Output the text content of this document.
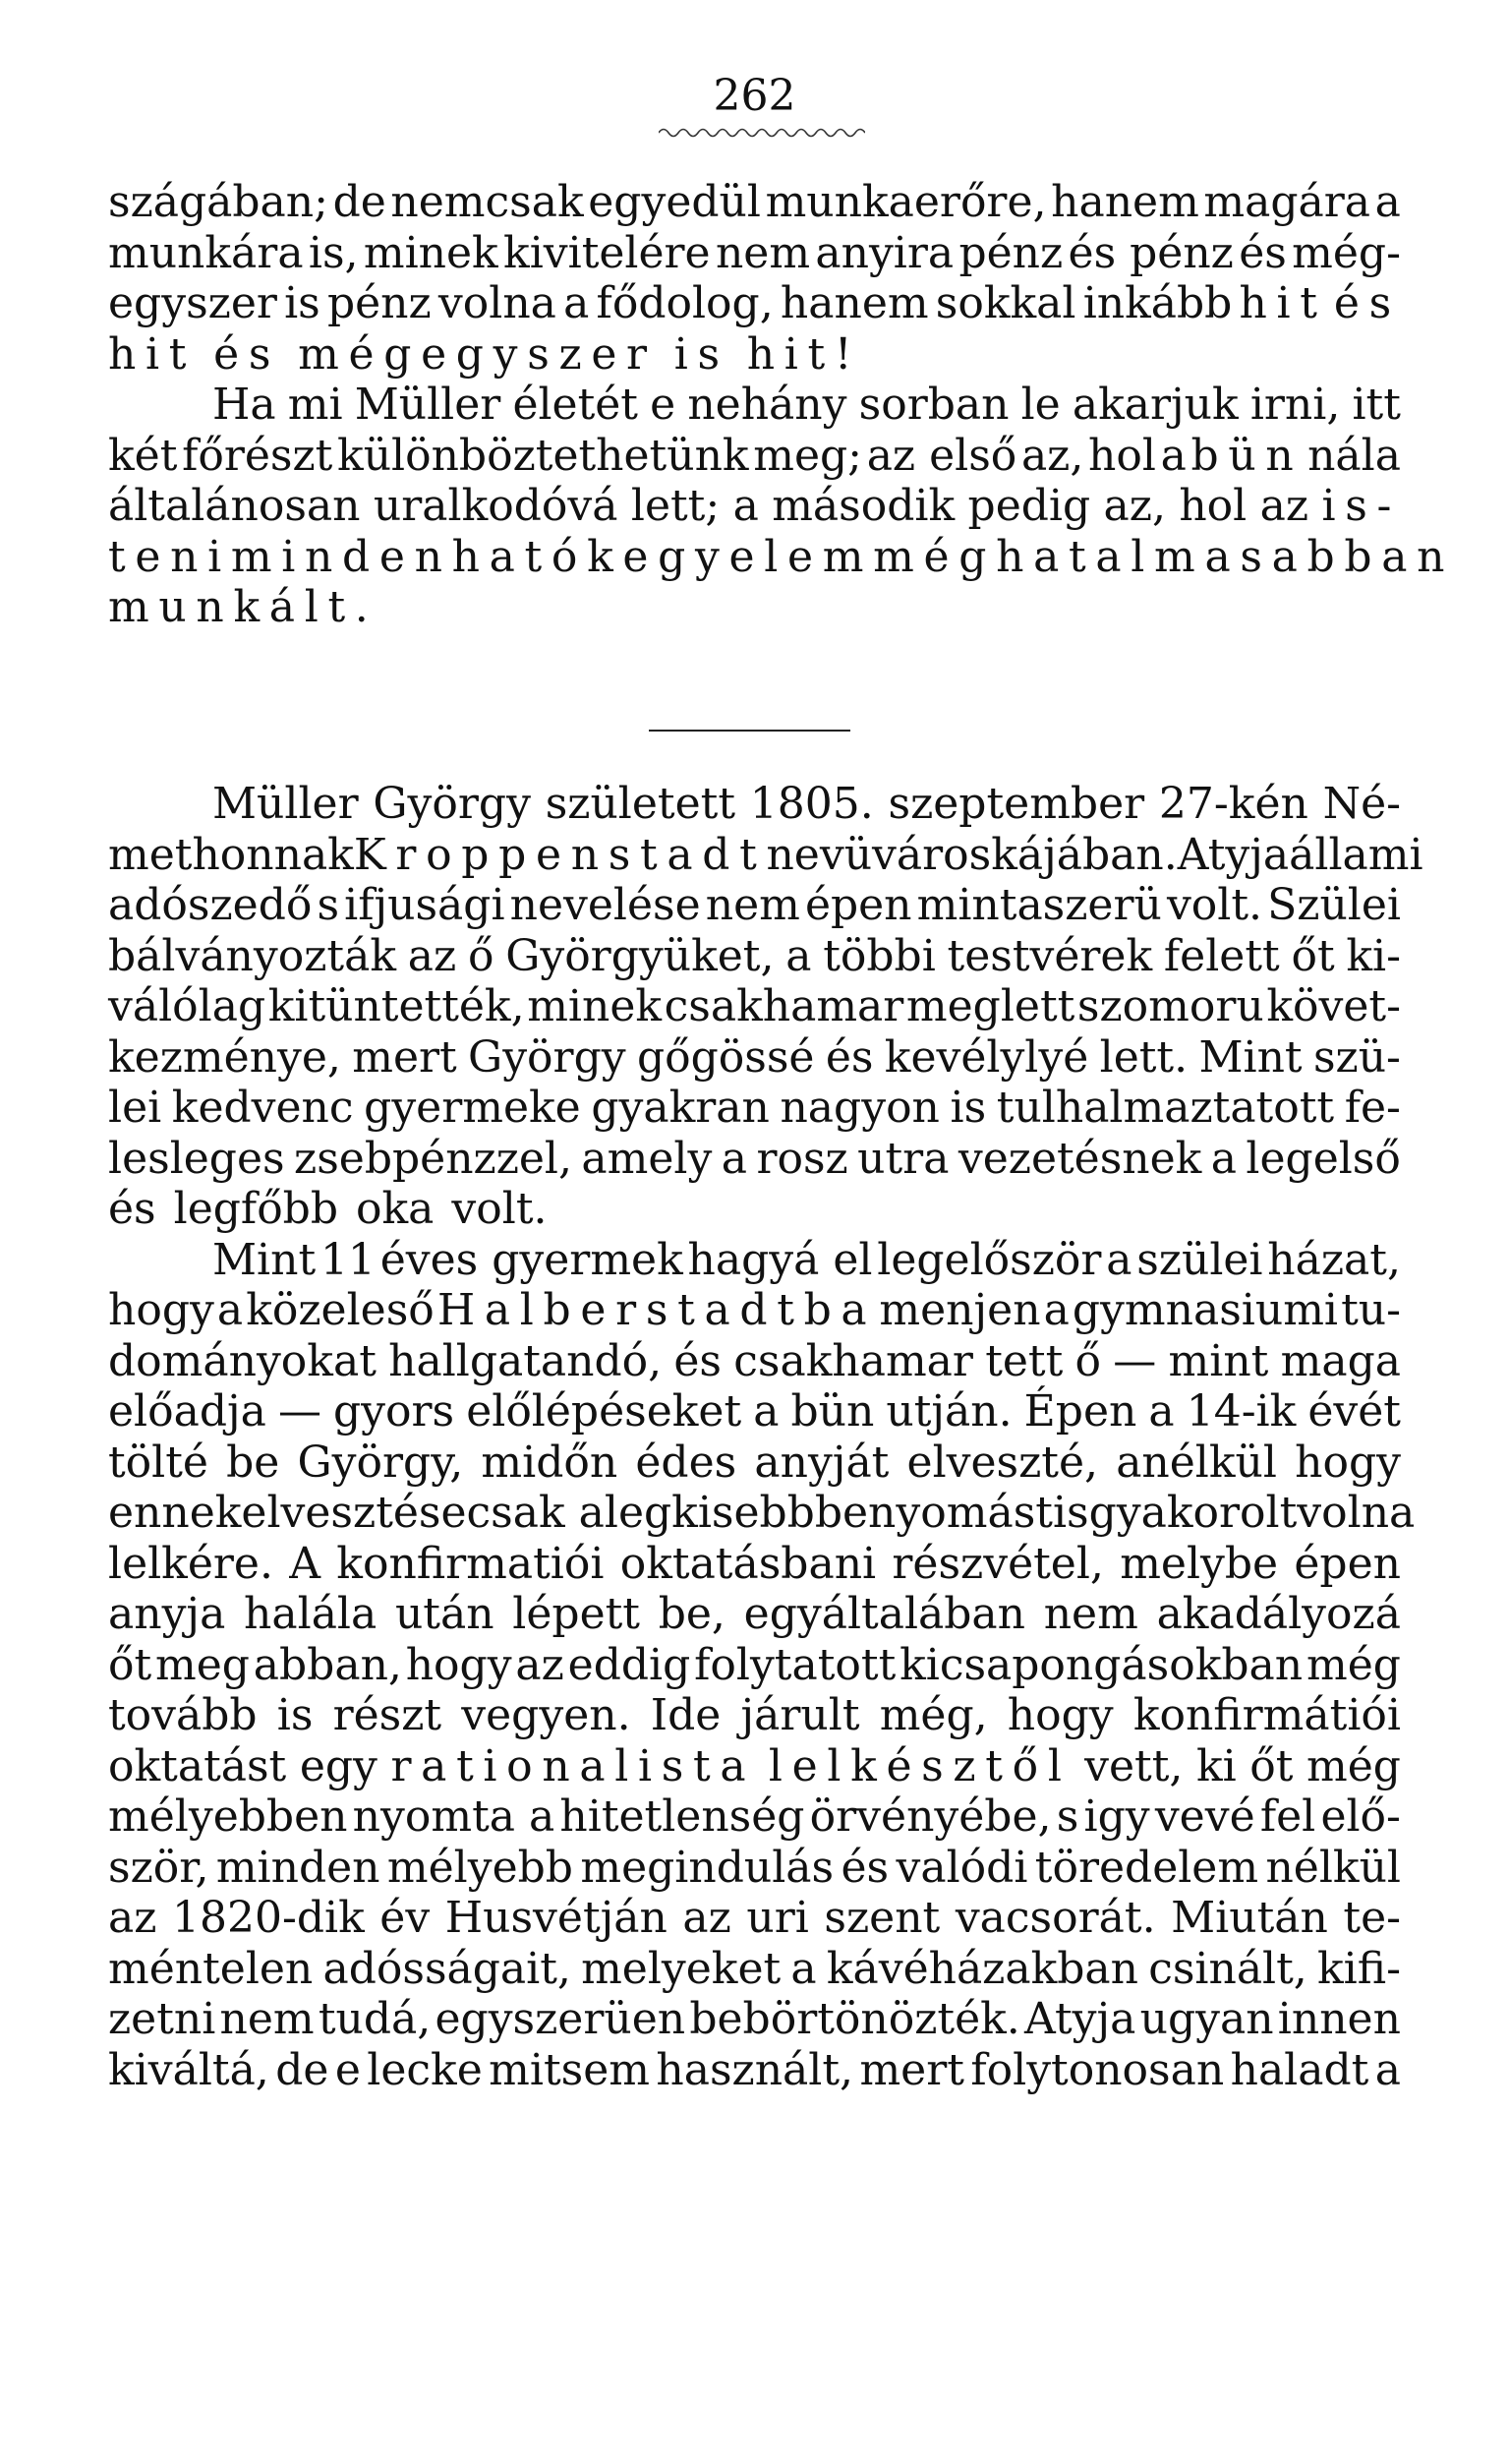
262
szágában; de nemcsak egyedül munkaerőre, hanem magára a
munkára is, minek kivitelére nem anyira pénz és pénz és még-
egyszer is pénz volna a fődolog, hanem sokkal inkább hit és
hit és mégegyszer is hit!
Ha mi Müller életét e nehány sorban le akarjuk irni, itt
két főrészt különböztethetünk meg; az első az, hol a bün nála
általánosan uralkodóvá lett; a második pedig az, hol az is-
teni mindenható kegyelem még hatalmasabban
munkált.
Müller György született 1805. szeptember 27-kén Né-
methonnak Kroppenstadt nevü városkájában. Atyja állami
adószedő s ifjusági nevelése nem épen mintaszerü volt. Szülei
bálványozták az ő Györgyüket, a többi testvérek felett őt ki-
válólag kitüntették, minek csakhamar meglett szomoru követ-
kezménye, mert György gőgössé és kevélylyé lett. Mint szü-
lei kedvenc gyermeke gyakran nagyon is tulhalmaztatott fe-
lesleges zsebpénzzel, amely a rosz utra vezetésnek a legelső
és legfőbb oka volt.
Mint 11 éves gyermek hagyá el legelőször a szülei házat,
hogy a közeleső Halberstadtba menjen a gymnasiumi tu-
dományokat hallgatandó, és csakhamar tett ő — mint maga
előadja — gyors előlépéseket a bün utján. Épen a 14-ik évét
tölté be György, midőn édes anyját elveszté, anélkül hogy
ennek elvesztése csak a legkisebb benyomást is gyakorolt volna
lelkére. A konfirmatiói oktatásbani részvétel, melybe épen
anyja halála után lépett be, egyáltalában nem akadályozá
őt meg abban, hogy az eddig folytatott kicsapongásokban még
tovább is részt vegyen. Ide járult még, hogy konfirmátiói
oktatást egy rationalista lelkésztől vett, ki őt még
mélyebben nyomta a hitetlenség örvényébe, s igy vevé fel elő-
ször, minden mélyebb megindulás és valódi töredelem nélkül
az 1820-dik év Husvétján az uri szent vacsorát. Miután te-
méntelen adósságait, melyeket a kávéházakban csinált, kifi-
zetni nem tudá, egyszerüen bebörtönözték. Atyja ugyan innen
kiváltá, de e lecke mitsem használt, mert folytonosan haladt a
